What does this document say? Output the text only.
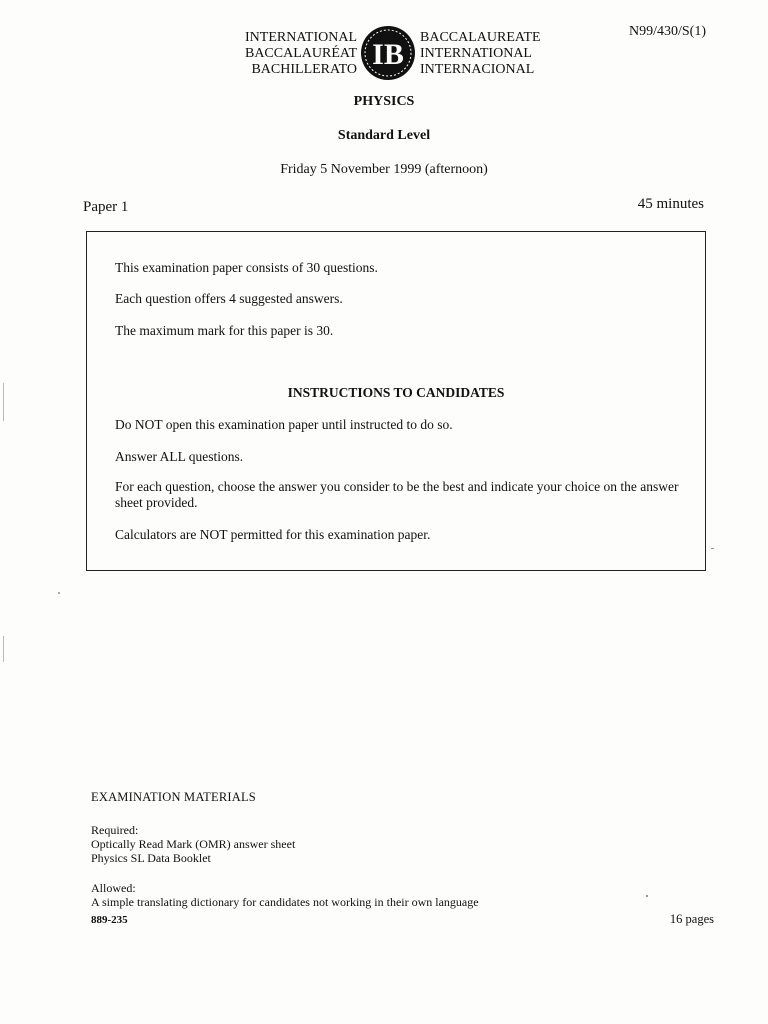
INTERNATIONAL
BACCALAURÉAT
BACHILLERATO IB
BACCALAUREATE
INTERNATIONAL
INTERNACIONAL
N99/430/S(1)
PHYSICS
Standard Level
Friday 5 November 1999 (afternoon)
Paper 1	45 minutes

This examination paper consists of 30 questions.

Each question offers 4 suggested answers.

The maximum mark for this paper is 30.

INSTRUCTIONS TO CANDIDATES

Do NOT open this examination paper until instructed to do so.

Answer ALL questions.

For each question, choose the answer you consider to be the best and indicate your choice on the answer sheet provided.

Calculators are NOT permitted for this examination paper.

EXAMINATION MATERIALS
Required:
Optically Read Mark (OMR) answer sheet
Physics SL Data Booklet
Allowed:
A simple translating dictionary for candidates not working in their own language
889-235	16 pages
